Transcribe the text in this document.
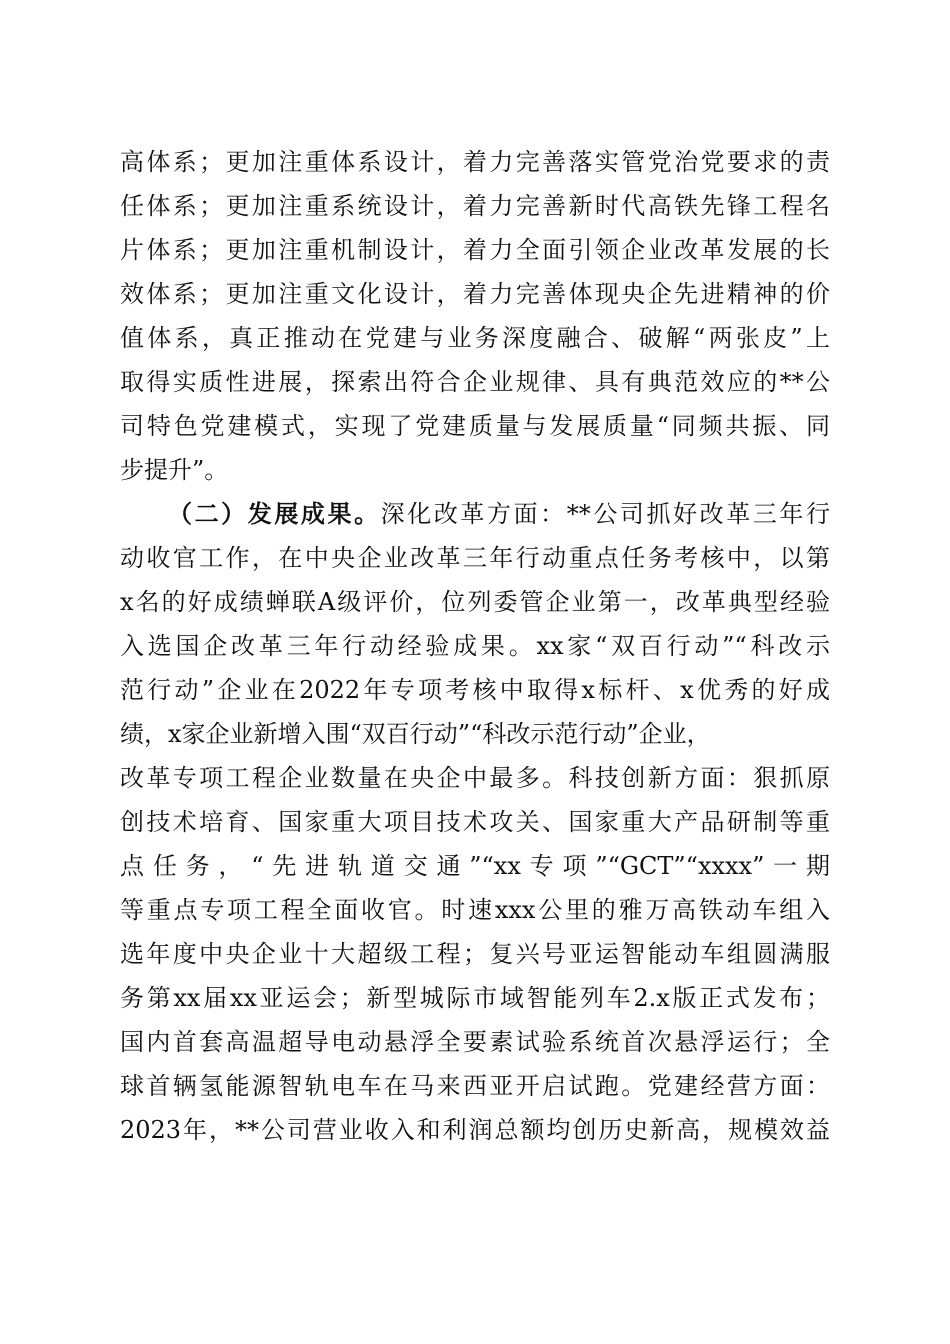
高体系；更加注重体系设计，着力完善落实管党治党要求的责
任体系；更加注重系统设计，着力完善新时代高铁先锋工程名
片体系；更加注重机制设计，着力全面引领企业改革发展的长
效体系；更加注重文化设计，着力完善体现央企先进精神的价
值体系，真正推动在党建与业务深度融合、破解“两张皮”上
取得实质性进展，探索出符合企业规律、具有典范效应的**公
司特色党建模式，实现了党建质量与发展质量“同频共振、同
步提升”。
（二）发展成果。深化改革方面：**公司抓好改革三年行
动收官工作，在中央企业改革三年行动重点任务考核中，以第
x名的好成绩蝉联A级评价，位列委管企业第一，改革典型经验
入选国企改革三年行动经验成果。xx家“双百行动”“科改示
范行动”企业在2022年专项考核中取得x标杆、x优秀的好成
绩，x家企业新增入围“双百行动”“科改示范行动”企业，
改革专项工程企业数量在央企中最多。科技创新方面：狠抓原
创技术培育、国家重大项目技术攻关、国家重大产品研制等重
点任务，“先进轨道交通”“xx专项”“GCT”“xxxx”一期
等重点专项工程全面收官。时速xxx公里的雅万高铁动车组入
选年度中央企业十大超级工程；复兴号亚运智能动车组圆满服
务第xx届xx亚运会；新型城际市域智能列车2.x版正式发布；
国内首套高温超导电动悬浮全要素试验系统首次悬浮运行；全
球首辆氢能源智轨电车在马来西亚开启试跑。党建经营方面：
2023年，**公司营业收入和利润总额均创历史新高，规模效益
